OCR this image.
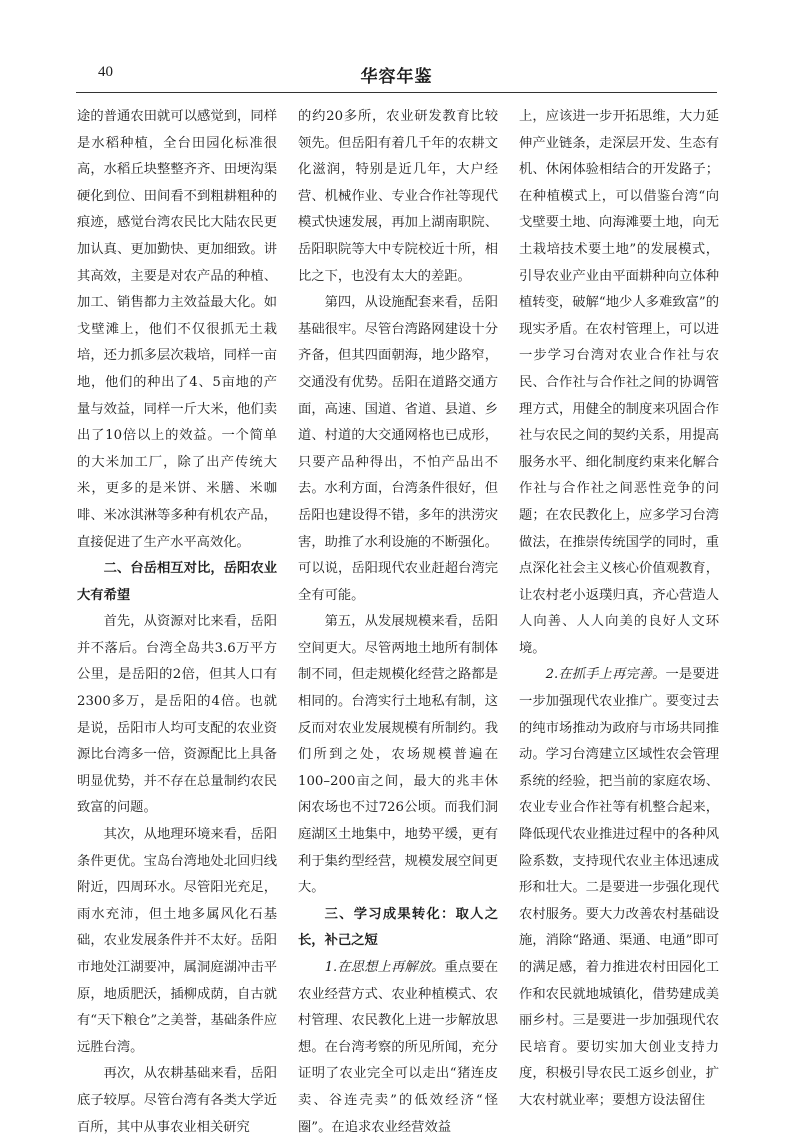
40	华容年鉴

途的普通农田就可以感觉到，同样是水稻种植，全台田园化标准很高，水稻丘块整整齐齐、田埂沟渠硬化到位、田间看不到粗耕粗种的痕迹，感觉台湾农民比大陆农民更加认真、更加勤快、更加细致。讲其高效，主要是对农产品的种植、加工、销售都力主效益最大化。如戈壁滩上，他们不仅很抓无土栽培，还力抓多层次栽培，同样一亩地，他们的种出了4、5亩地的产量与效益，同样一斤大米，他们卖出了10倍以上的效益。一个简单的大米加工厂，除了出产传统大米，更多的是米饼、米膳、米咖啡、米冰淇淋等多种有机农产品，直接促进了生产水平高效化。

二、台岳相互对比，岳阳农业大有希望

首先，从资源对比来看，岳阳并不落后。台湾全岛共3.6万平方公里，是岳阳的2倍，但其人口有2300多万，是岳阳的4倍。也就是说，岳阳市人均可支配的农业资源比台湾多一倍，资源配比上具备明显优势，并不存在总量制约农民致富的问题。

其次，从地理环境来看，岳阳条件更优。宝岛台湾地处北回归线附近，四周环水。尽管阳光充足，雨水充沛，但土地多属风化石基础，农业发展条件并不太好。岳阳市地处江湖要冲，属洞庭湖冲击平原，地质肥沃，插柳成荫，自古就有“天下粮仓”之美誉，基础条件应远胜台湾。

再次，从农耕基础来看，岳阳底子较厚。尽管台湾有各类大学近百所，其中从事农业相关研究

的约20多所，农业研发教育比较领先。但岳阳有着几千年的农耕文化滋润，特别是近几年，大户经营、机械作业、专业合作社等现代模式快速发展，再加上湖南职院、岳阳职院等大中专院校近十所，相比之下，也没有太大的差距。

第四，从设施配套来看，岳阳基础很牢。尽管台湾路网建设十分齐备，但其四面朝海，地少路窄，交通没有优势。岳阳在道路交通方面，高速、国道、省道、县道、乡道、村道的大交通网格也已成形，只要产品种得出，不怕产品出不去。水利方面，台湾条件很好，但岳阳也建设得不错，多年的洪涝灾害，助推了水利设施的不断强化。可以说，岳阳现代农业赶超台湾完全有可能。

第五，从发展规模来看，岳阳空间更大。尽管两地土地所有制体制不同，但走规模化经营之路都是相同的。台湾实行土地私有制，这反而对农业发展规模有所制约。我们所到之处，农场规模普遍在100–200亩之间，最大的兆丰休闲农场也不过726公顷。而我们洞庭湖区土地集中，地势平缓，更有利于集约型经营，规模发展空间更大。

三、学习成果转化：取人之长，补己之短

1.在思想上再解放。重点要在农业经营方式、农业种植模式、农村管理、农民教化上进一步解放思想。在台湾考察的所见所闻，充分证明了农业完全可以走出“猪连皮卖、谷连壳卖”的低效经济“怪圈”。在追求农业经营效益

上，应该进一步开拓思维，大力延伸产业链条，走深层开发、生态有机、休闲体验相结合的开发路子；在种植模式上，可以借鉴台湾“向戈壁要土地、向海滩要土地，向无土栽培技术要土地”的发展模式，引导农业产业由平面耕种向立体种植转变，破解“地少人多难致富”的现实矛盾。在农村管理上，可以进一步学习台湾对农业合作社与农民、合作社与合作社之间的协调管理方式，用健全的制度来巩固合作社与农民之间的契约关系，用提高服务水平、细化制度约束来化解合作社与合作社之间恶性竞争的问题；在农民教化上，应多学习台湾做法，在推崇传统国学的同时，重点深化社会主义核心价值观教育，让农村老小返璞归真，齐心营造人人向善、人人向美的良好人文环境。

2.在抓手上再完善。一是要进一步加强现代农业推广。要变过去的纯市场推动为政府与市场共同推动。学习台湾建立区域性农会管理系统的经验，把当前的家庭农场、农业专业合作社等有机整合起来，降低现代农业推进过程中的各种风险系数，支持现代农业主体迅速成形和壮大。二是要进一步强化现代农村服务。要大力改善农村基础设施，消除“路通、渠通、电通”即可的满足感，着力推进农村田园化工作和农民就地城镇化，借势建成美丽乡村。三是要进一步加强现代农民培育。要切实加大创业支持力度，积极引导农民工返乡创业，扩大农村就业率；要想方设法留住
